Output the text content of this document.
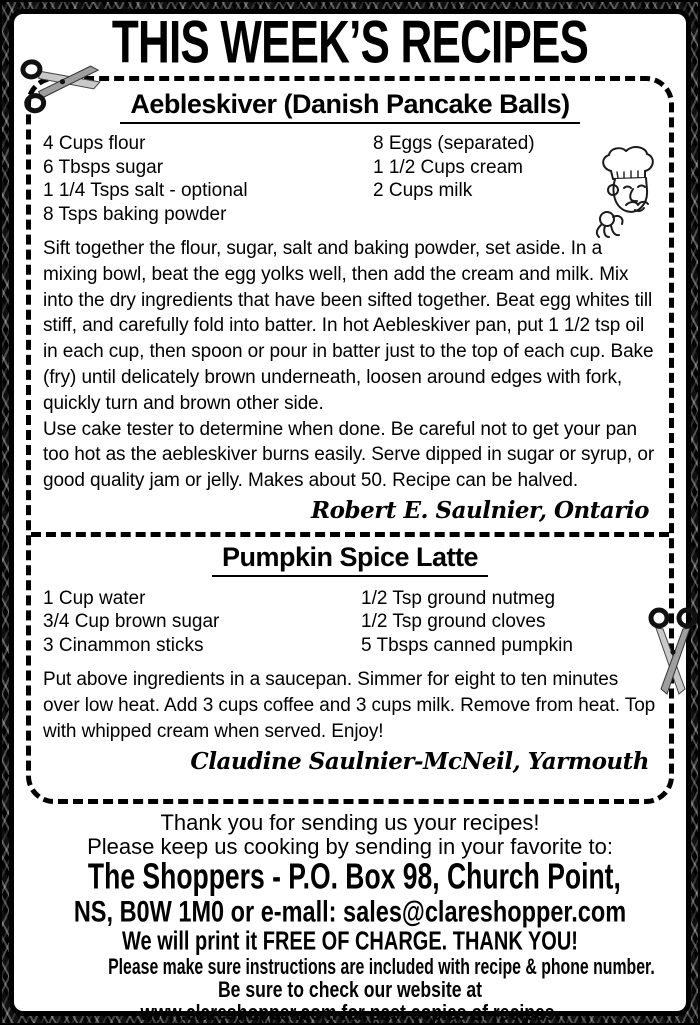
THIS WEEK’S RECIPES
Aebleskiver (Danish Pancake Balls)
4 Cups flour
6 Tbsps sugar
1 1/4 Tsps salt - optional
8 Tsps baking powder
8 Eggs (separated)
1 1/2 Cups cream
2 Cups milk

Sift together the flour, sugar, salt and baking powder, set aside. In a mixing bowl, beat the egg yolks well, then add the cream and milk. Mix into the dry ingredients that have been sifted together. Beat egg whites till stiff, and carefully fold into batter. In hot Aebleskiver pan, put 1 1/2 tsp oil in each cup, then spoon or pour in batter just to the top of each cup. Bake (fry) until delicately brown underneath, loosen around edges with fork, quickly turn and brown other side.

Use cake tester to determine when done. Be careful not to get your pan too hot as the aebleskiver burns easily. Serve dipped in sugar or syrup, or good quality jam or jelly. Makes about 50. Recipe can be halved.

Robert E. Saulnier, Ontario
Pumpkin Spice Latte
1 Cup water
3/4 Cup brown sugar
3 Cinammon sticks
1/2 Tsp ground nutmeg
1/2 Tsp ground cloves
5 Tbsps canned pumpkin

Put above ingredients in a saucepan. Simmer for eight to ten minutes over low heat. Add 3 cups coffee and 3 cups milk. Remove from heat. Top with whipped cream when served. Enjoy!

Claudine Saulnier-McNeil, Yarmouth
Thank you for sending us your recipes!
Please keep us cooking by sending in your favorite to:
The Shoppers - P.O. Box 98, Church Point,
NS, B0W 1M0 or e-mall: sales@clareshopper.com
We will print it FREE OF CHARGE. THANK YOU!
Please make sure instructions are included with recipe & phone number.
Be sure to check our website at
www.clareshopper.com for past copies of recipes.
